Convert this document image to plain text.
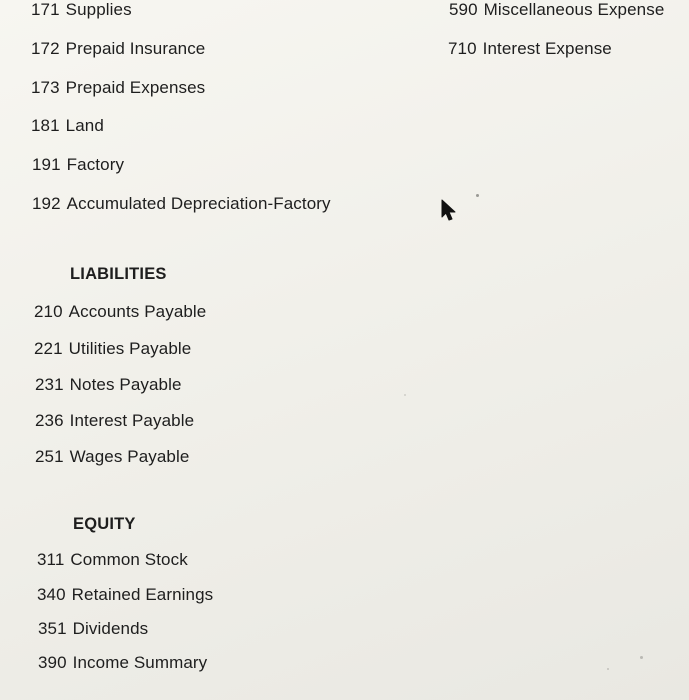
171 Supplies
172 Prepaid Insurance
173 Prepaid Expenses
181 Land
191 Factory
192 Accumulated Depreciation-Factory
LIABILITIES
210 Accounts Payable
221 Utilities Payable
231 Notes Payable
236 Interest Payable
251 Wages Payable
EQUITY
311 Common Stock
340 Retained Earnings
351 Dividends
390 Income Summary
590 Miscellaneous Expense
710 Interest Expense
